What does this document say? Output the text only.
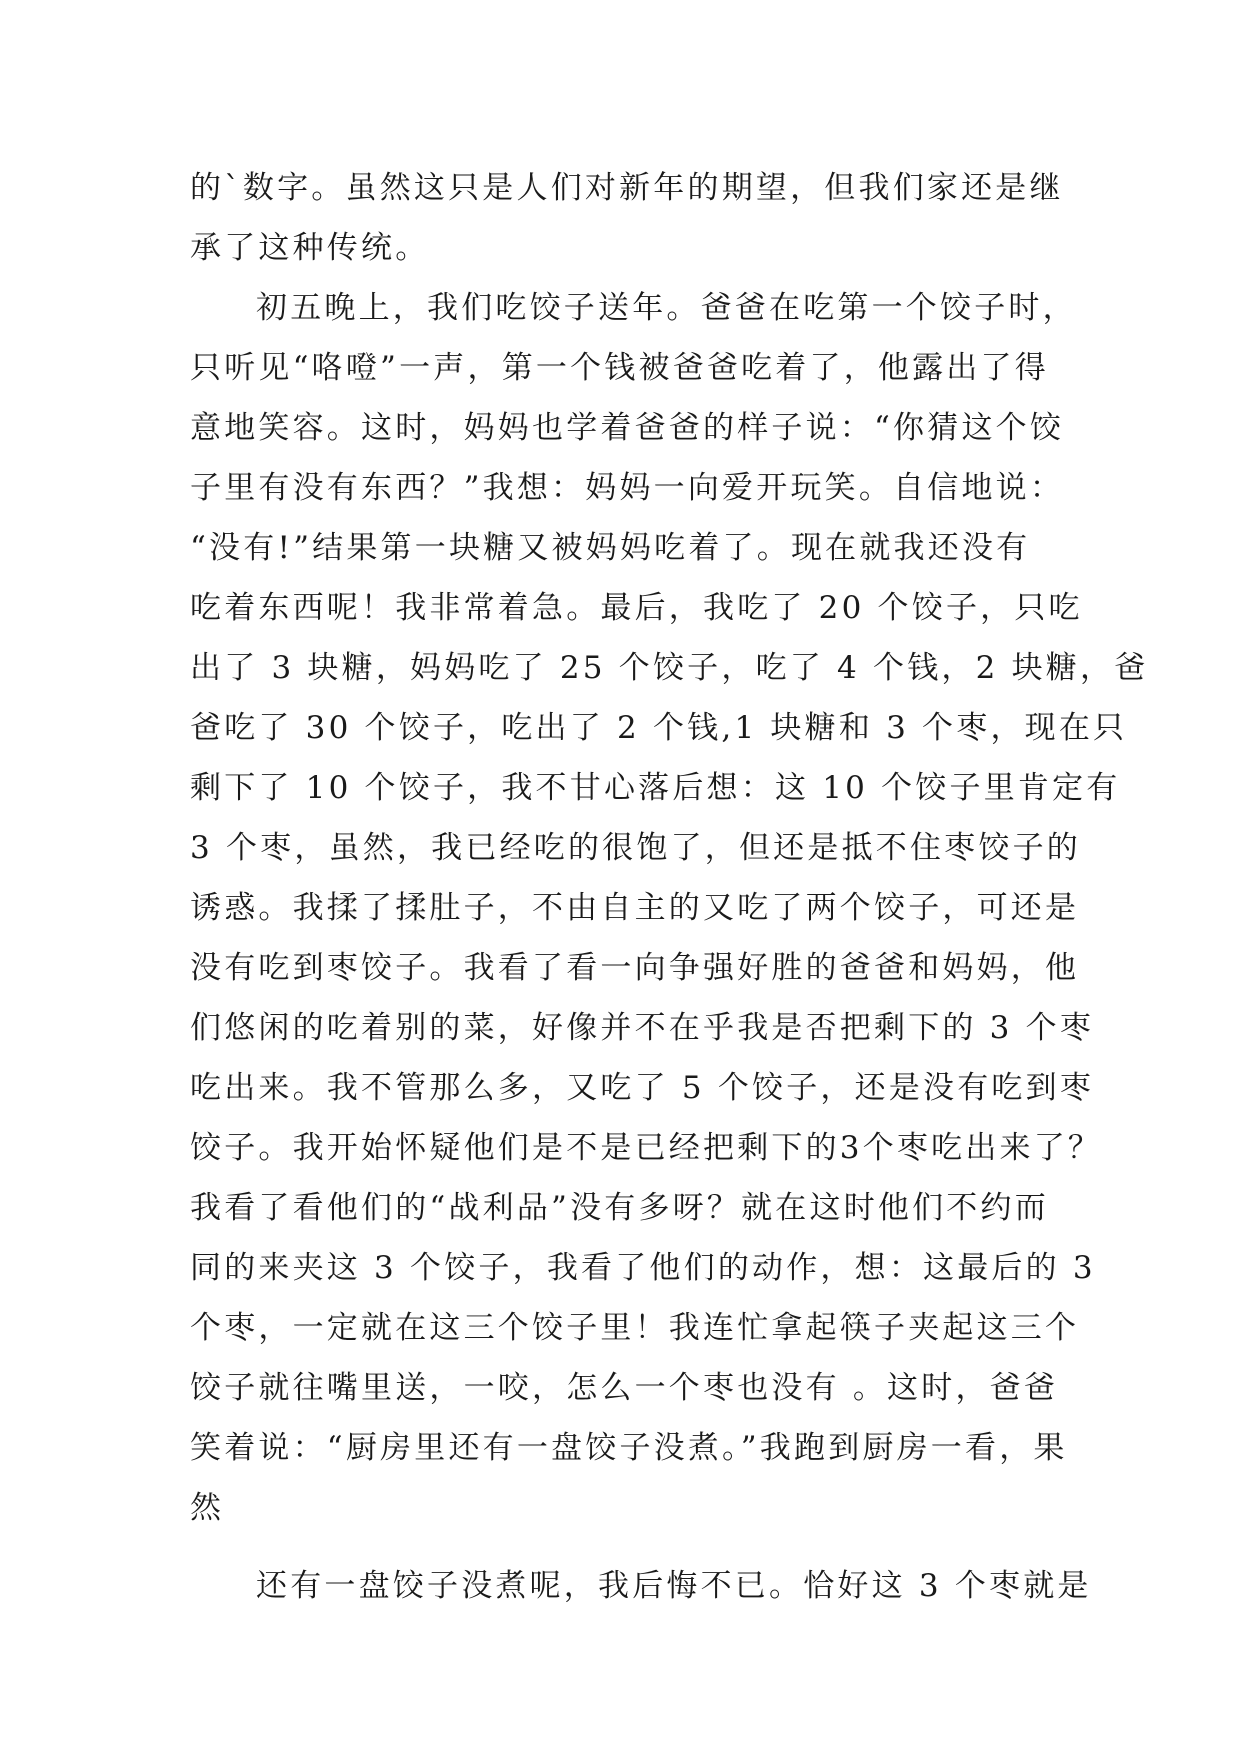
的`数字。虽然这只是人们对新年的期望，但我们家还是继
承了这种传统。
初五晚上，我们吃饺子送年。爸爸在吃第一个饺子时，
只听见“咯噔”一声，第一个钱被爸爸吃着了，他露出了得
意地笑容。这时，妈妈也学着爸爸的样子说：“你猜这个饺
子里有没有东西？”我想：妈妈一向爱开玩笑。自信地说：
“没有!”结果第一块糖又被妈妈吃着了。现在就我还没有
吃着东西呢！我非常着急。最后，我吃了 20 个饺子，只吃
出了 3 块糖，妈妈吃了 25 个饺子，吃了 4 个钱，2 块糖，爸
爸吃了 30 个饺子，吃出了 2 个钱,1 块糖和 3 个枣，现在只
剩下了 10 个饺子，我不甘心落后想：这 10 个饺子里肯定有
3 个枣，虽然，我已经吃的很饱了，但还是抵不住枣饺子的
诱惑。我揉了揉肚子，不由自主的又吃了两个饺子，可还是
没有吃到枣饺子。我看了看一向争强好胜的爸爸和妈妈，他
们悠闲的吃着别的菜，好像并不在乎我是否把剩下的 3 个枣
吃出来。我不管那么多，又吃了 5 个饺子，还是没有吃到枣
饺子。我开始怀疑他们是不是已经把剩下的3个枣吃出来了？
我看了看他们的“战利品”没有多呀？就在这时他们不约而
同的来夹这 3 个饺子，我看了他们的动作，想：这最后的 3
个枣，一定就在这三个饺子里！我连忙拿起筷子夹起这三个
饺子就往嘴里送，一咬，怎么一个枣也没有 。这时，爸爸
笑着说：“厨房里还有一盘饺子没煮。”我跑到厨房一看，果
然
还有一盘饺子没煮呢，我后悔不已。恰好这 3 个枣就是
